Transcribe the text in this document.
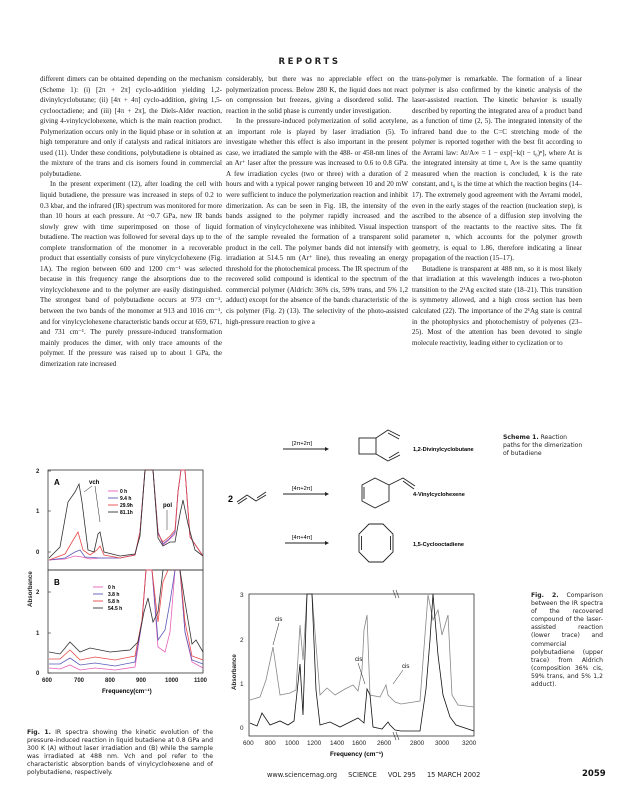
REPORTS

different dimers can be obtained depending on the mechanism (Scheme 1): (i) [2π + 2π] cyclo-addition yielding 1,2-divinylcyclobutane; (ii) [4π + 4π] cyclo-addition, giving 1,5-cyclooctadiene; and (iii) [4π + 2π], the Diels-Alder reaction, giving 4-vinylcyclohexene, which is the main reaction product. Polymerization occurs only in the liquid phase or in solution at high temperature and only if catalysts and radical initiators are used (11). Under these conditions, polybutadiene is obtained as the mixture of the trans and cis isomers found in commercial polybutadiene.

In the present experiment (12), after loading the cell with liquid butadiene, the pressure was increased in steps of 0.2 to 0.3 kbar, and the infrared (IR) spectrum was monitored for more than 10 hours at each pressure. At ~0.7 GPa, new IR bands slowly grew with time superimposed on those of liquid butadiene. The reaction was followed for several days up to the complete transformation of the monomer in a recoverable product that essentially consists of pure vinylcyclohexene (Fig. 1A). The region between 600 and 1200 cm⁻¹ was selected because in this frequency range the absorptions due to the vinylcyclohexene and to the polymer are easily distinguished. The strongest band of polybutadiene occurs at 973 cm⁻¹, between the two bands of the monomer at 913 and 1016 cm⁻¹, and for vinylcyclohexene characteristic bands occur at 659, 671, and 731 cm⁻¹. The purely pressure-induced transformation mainly produces the dimer, with only trace amounts of the polymer. If the pressure was raised up to about 1 GPa, the dimerization rate increased

considerably, but there was no appreciable effect on the polymerization process. Below 280 K, the liquid does not react on compression but freezes, giving a disordered solid. The reaction in the solid phase is currently under investigation.

In the pressure-induced polymerization of solid acetylene, an important role is played by laser irradiation (5). To investigate whether this effect is also important in the present case, we irradiated the sample with the 488- or 458-nm lines of an Ar⁺ laser after the pressure was increased to 0.6 to 0.8 GPa. A few irradiation cycles (two or three) with a duration of 2 hours and with a typical power ranging between 10 and 20 mW were sufficient to induce the polymerization reaction and inhibit dimerization. As can be seen in Fig. 1B, the intensity of the bands assigned to the polymer rapidly increased and the formation of vinylcyclohexene was inhibited. Visual inspection of the sample revealed the formation of a transparent solid product in the cell. The polymer bands did not intensify with irradiation at 514.5 nm (Ar⁺ line), thus revealing an energy threshold for the photochemical process. The IR spectrum of the recovered solid compound is identical to the spectrum of the commercial polymer (Aldrich: 36% cis, 59% trans, and 5% 1,2 adduct) except for the absence of the bands characteristic of the cis polymer (Fig. 2) (13). The selectivity of the photo-assisted high-pressure reaction to give a

trans-polymer is remarkable. The formation of a linear polymer is also confirmed by the kinetic analysis of the laser-assisted reaction. The kinetic behavior is usually described by reporting the integrated area of a product band as a function of time (2, 5). The integrated intensity of the infrared band due to the C=C stretching mode of the polymer is reported together with the best fit according to the Avrami law: At/A∞ = 1 − exp[−k(t − t₀)ⁿ], where At is the integrated intensity at time t, A∞ is the same quantity measured when the reaction is concluded, k is the rate constant, and t₀ is the time at which the reaction begins (14–17). The extremely good agreement with the Avrami model, even in the early stages of the reaction (nucleation step), is ascribed to the absence of a diffusion step involving the transport of the reactants to the reactive sites. The fit parameter n, which accounts for the polymer growth geometry, is equal to 1.86, therefore indicating a linear propagation of the reaction (15–17).

Butadiene is transparent at 488 nm, so it is most likely that irradiation at this wavelength induces a two-photon transition to the 2¹Ag excited state (18–21). This transition is symmetry allowed, and a high cross section has been calculated (22). The importance of the 2¹Ag state is central in the photophysics and photochemistry of polyenes (23–25). Most of the attention has been devoted to single molecule reactivity, leading either to cyclization or to

2
[2π+2π]
[4π+2π]
[4π+4π]
1,2-Divinylcyclobutane
4-Vinylcyclohexene
1,5-Cyclooctadiene
Scheme 1. Reaction paths for the dimerization of butadiene
2
1
0
2
1
0
Absorbance
A
B
vch
pol
0 h
9.4 h
29.9h
81.1h
0 h
3.8 h
5.8 h
54.5 h
600	700	800	900	1000	1100
Frequency(cm⁻¹)
Fig. 1. IR spectra showing the kinetic evolution of the pressure-induced reaction in liquid butadiene at 0.8 GPa and 300 K (A) without laser irradiation and (B) while the sample was irradiated at 488 nm. Vch and pol refer to the characteristic absorption bands of vinylcyclohexene and of polybutadiene, respectively.
3
2
1
0
Absorbance
cis
cis
cis
600 800 1000 1200 1400 1600 2600	2800 3000 3200
Frequency (cm⁻¹)
Fig. 2. Comparison between the IR spectra of the recovered compound of the laser-assisted reaction (lower trace) and commercial polybutadiene (upper trace) from Aldrich (composition 36% cis, 59% trans, and 5% 1,2 adduct).
www.sciencemag.org SCIENCE VOL 295 15 MARCH 2002	2059
